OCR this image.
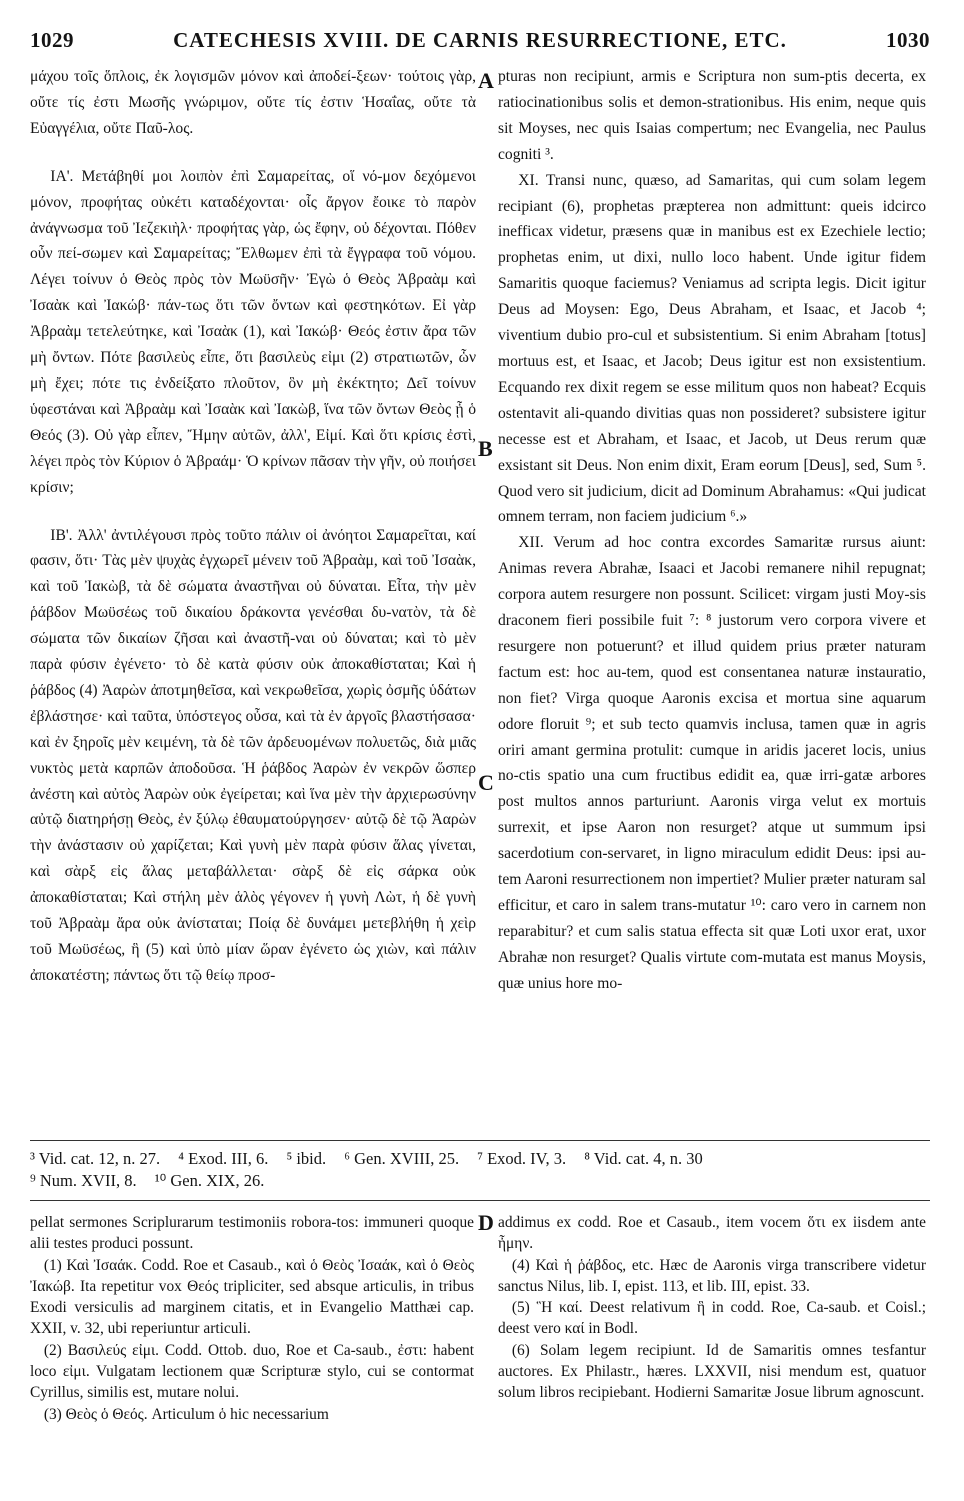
1029	CATECHESIS XVIII. DE CARNIS RESURRECTIONE, ETC.	1030

μάχου τοῖς ὅπλοις, ἐκ λογισμῶν μόνον καὶ ἀποδεί-ξεων· τούτοις γὰρ, οὔτε τίς ἐστι Μωσῆς γνώριμον, οὔτε τίς ἐστιν Ἡσαΐας, οὔτε τὰ Εὐαγγέλια, οὔτε Παῦ-λος.

ΙΑ'. Μετάβηθί μοι λοιπὸν ἐπὶ Σαμαρείτας, οἵ νό-μον δεχόμενοι μόνον, προφήτας οὐκέτι καταδέχονται· οἷς ἄργον ἔοικε τὸ παρὸν ἀνάγνωσμα τοῦ Ἰεζεκιὴλ· προφήτας γὰρ, ὡς ἔφην, οὐ δέχονται. Πόθεν οὖν πεί-σωμεν καὶ Σαμαρείτας; Ἔλθωμεν ἐπὶ τὰ ἔγγραφα τοῦ νόμου. Λέγει τοίνυν ὁ Θεὸς πρὸς τὸν Μωϋσῆν· Ἐγὼ ὁ Θεὸς Ἀβραὰμ καὶ Ἰσαὰκ καὶ Ἰακώβ· πάν-τως ὅτι τῶν ὄντων καὶ φεστηκότων. Εἰ γὰρ Ἀβραὰμ τετελεύτηκε, καὶ Ἰσαὰκ (1), καὶ Ἰακώβ· Θεός ἐστιν ἄρα τῶν μὴ ὄντων. Πότε βασιλεὺς εἶπε, ὅτι βασιλεὺς εἰμι (2) στρατιωτῶν, ὧν μὴ ἔχει; πότε τις ἐνδείξατο πλοῦτον, ὃν μὴ ἐκέκτητο; Δεῖ τοίνυν ὑφεστάναι καὶ Ἀβραὰμ καὶ Ἰσαὰκ καὶ Ἰακὼβ, ἵνα τῶν ὄντων Θεὸς ᾖ ὁ Θεός (3). Οὐ γὰρ εἶπεν, Ἤμην αὐτῶν, ἀλλ', Εἰμί. Καὶ ὅτι κρίσις ἐστὶ, λέγει πρὸς τὸν Κύριον ὁ Ἀβραάμ· Ὁ κρίνων πᾶσαν τὴν γῆν, οὐ ποιήσει κρίσιν;

ΙΒ'. Ἀλλ' ἀντιλέγουσι πρὸς τοῦτο πάλιν οἱ ἀνόητοι Σαμαρεῖται, καί φασιν, ὅτι· Τὰς μὲν ψυχὰς ἐγχωρεῖ μένειν τοῦ Ἀβραὰμ, καὶ τοῦ Ἰσαὰκ, καὶ τοῦ Ἰακὼβ, τὰ δὲ σώματα ἀναστῆναι οὐ δύναται. Εἶτα, τὴν μὲν ῥάβδον Μωϋσέως τοῦ δικαίου δράκοντα γενέσθαι δυ-νατὸν, τὰ δὲ σώματα τῶν δικαίων ζῆσαι καὶ ἀναστῆ-ναι οὐ δύναται; καὶ τὸ μὲν παρὰ φύσιν ἐγένετο· τὸ δὲ κατὰ φύσιν οὐκ ἀποκαθίσταται; Καὶ ἡ ῥάβδος (4) Ἀαρὼν ἀποτμηθεῖσα, καὶ νεκρωθεῖσα, χωρὶς ὀσμῆς ὑδάτων ἐβλάστησε· καὶ ταῦτα, ὑπόστεγος οὖσα, καὶ τὰ ἐν ἀργοῖς βλαστήσασα· καὶ ἐν ξηροῖς μὲν κειμένη, τὰ δὲ τῶν ἀρδευομένων πολυετῶς, διὰ μιᾶς νυκτὸς μετὰ καρπῶν ἀποδοῦσα. Ἡ ῥάβδος Ἀαρὼν ἐν νεκρῶν ὥσπερ ἀνέστη καὶ αὐτὸς Ἀαρὼν οὐκ ἐγείρεται; καὶ ἵνα μὲν τὴν ἀρχιερωσύνην αὐτῷ διατηρήσῃ Θεὸς, ἐν ξύλῳ ἐθαυματούργησεν· αὐτῷ δὲ τῷ Ἀαρὼν τὴν ἀνάστασιν οὐ χαρίζεται; Καὶ γυνὴ μὲν παρὰ φύσιν ἅλας γίνεται, καὶ σὰρξ εἰς ἅλας μεταβάλλεται· σὰρξ δὲ εἰς σάρκα οὐκ ἀποκαθίσταται; Καὶ στήλη μὲν ἁλὸς γέγονεν ἡ γυνὴ Λὼτ, ἡ δὲ γυνὴ τοῦ Ἀβραὰμ ἄρα οὐκ ἀνίσταται; Ποίᾳ δὲ δυνάμει μετεβλήθη ἡ χεὶρ τοῦ Μωϋσέως, ἣ (5) καὶ ὑπὸ μίαν ὥραν ἐγένετο ὡς χιὼν, καὶ πάλιν ἀποκατέστη; πάντως ὅτι τῷ θείῳ προσ-

pturas non recipiunt, armis e Scriptura non sum-ptis decerta, ex ratiocinationibus solis et demon-strationibus. His enim, neque quis sit Moyses, nec quis Isaias compertum; nec Evangelia, nec Paulus cogniti ³.

XI. Transi nunc, quæso, ad Samaritas, qui cum solam legem recipiant (6), prophetas præpterea non admittunt: queis idcirco inefficax videtur, præsens quæ in manibus est ex Ezechiele lectio; prophetas enim, ut dixi, nullo loco habent. Unde igitur fidem Samaritis quoque faciemus? Veniamus ad scripta legis. Dicit igitur Deus ad Moysen: Ego, Deus Abraham, et Isaac, et Jacob ⁴; viventium dubio pro-cul et subsistentium. Si enim Abraham [totus] mortuus est, et Isaac, et Jacob; Deus igitur est non exsistentium. Ecquando rex dixit regem se esse militum quos non habeat? Ecquis ostentavit ali-quando divitias quas non possideret? subsistere igitur necesse est et Abraham, et Isaac, et Jacob, ut Deus rerum quæ exsistant sit Deus. Non enim dixit, Eram eorum [Deus], sed, Sum ⁵. Quod vero sit judicium, dicit ad Dominum Abrahamus: «Qui judicat omnem terram, non faciem judicium ⁶.»

XII. Verum ad hoc contra excordes Samaritæ rursus aiunt: Animas revera Abrahæ, Isaaci et Jacobi remanere nihil repugnat; corpora autem resurgere non possunt. Scilicet: virgam justi Moy-sis draconem fieri possibile fuit ⁷: ⁸ justorum vero corpora vivere et resurgere non potuerunt? et illud quidem prius præter naturam factum est: hoc au-tem, quod est consentanea naturæ instauratio, non fiet? Virga quoque Aaronis excisa et mortua sine aquarum odore floruit ⁹; et sub tecto quamvis inclusa, tamen quæ in agris oriri amant germina protulit: cumque in aridis jaceret locis, unius no-ctis spatio una cum fructibus edidit ea, quæ irri-gatæ arbores post multos annos parturiunt. Aaronis virga velut ex mortuis surrexit, et ipse Aaron non resurget? atque ut summum ipsi sacerdotium con-servaret, in ligno miraculum edidit Deus: ipsi au-tem Aaroni resurrectionem non impertiet? Mulier præter naturam sal efficitur, et caro in salem trans-mutatur ¹⁰: caro vero in carnem non reparabitur? et cum salis statua effecta sit quæ Loti uxor erat, uxor Abrahæ non resurget? Qualis virtute com-mutata est manus Moysis, quæ unius hore mo-

A
B
C
D
³ Vid. cat. 12, n. 27. ⁴ Exod. III, 6. ⁵ ibid. ⁶ Gen. XVIII, 25. ⁷ Exod. IV, 3. ⁸ Vid. cat. 4, n. 30
⁹ Num. XVII, 8. ¹⁰ Gen. XIX, 26.

pellat sermones Scriplurarum testimoniis robora-tos: immuneri quoque alii testes produci possunt.

(1) Καὶ Ἰσαάκ. Codd. Roe et Casaub., καὶ ὁ Θεὸς Ἰσαάκ, καὶ ὁ Θεὸς Ἰακώβ. Ita repetitur vox Θεός tripliciter, sed absque articulis, in tribus Exodi versiculis ad marginem citatis, et in Evangelio Matthæi cap. XXII, v. 32, ubi reperiuntur articuli.

(2) Βασιλεύς εἰμι. Codd. Ottob. duo, Roe et Ca-saub., ἐστι: habent loco εἰμι. Vulgatam lectionem quæ Scripturæ stylo, cui se contormat Cyrillus, similis est, mutare nolui.

(3) Θεὸς ὁ Θεός. Articulum ὁ hic necessarium

addimus ex codd. Roe et Casaub., item vocem ὅτι ex iisdem ante ἦμην.

(4) Καὶ ἡ ῥάβδος, etc. Hæc de Aaronis virga transcribere videtur sanctus Nilus, lib. I, epist. 113, et lib. III, epist. 33.

(5) Ἣ καί. Deest relativum ἣ in codd. Roe, Ca-saub. et Coisl.; deest vero καί in Bodl.

(6) Solam legem recipiunt. Id de Samaritis omnes tesfantur auctores. Ex Philastr., hæres. LXXVII, nisi mendum est, quatuor solum libros recipiebant. Hodierni Samaritæ Josue librum agnoscunt.
